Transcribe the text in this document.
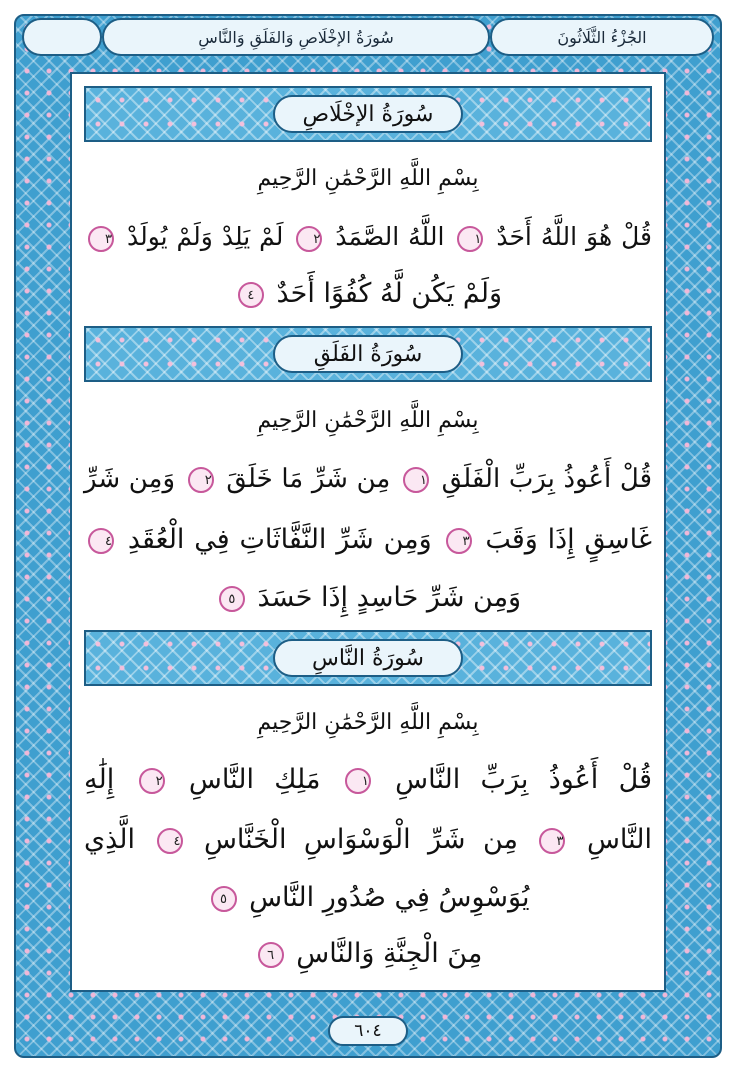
الجُزْءُ الثَّلَاثُونَ
سُورَةُ الإخْلَاصِ وَالفَلَقِ وَالنَّاسِ
سُورَةُ الإخْلَاصِ
بِسْمِ اللَّهِ الرَّحْمَٰنِ الرَّحِيمِ
قُلْ هُوَ اللَّهُ أَحَدٌ ١ اللَّهُ الصَّمَدُ ٢ لَمْ يَلِدْ وَلَمْ يُولَدْ ٣
وَلَمْ يَكُن لَّهُ كُفُوًا أَحَدٌ ٤
سُورَةُ الفَلَقِ
بِسْمِ اللَّهِ الرَّحْمَٰنِ الرَّحِيمِ
قُلْ أَعُوذُ بِرَبِّ الْفَلَقِ ١ مِن شَرِّ مَا خَلَقَ ٢ وَمِن شَرِّ
غَاسِقٍ إِذَا وَقَبَ ٣ وَمِن شَرِّ النَّفَّاثَاتِ فِي الْعُقَدِ ٤
وَمِن شَرِّ حَاسِدٍ إِذَا حَسَدَ ٥
سُورَةُ النَّاسِ
بِسْمِ اللَّهِ الرَّحْمَٰنِ الرَّحِيمِ
قُلْ أَعُوذُ بِرَبِّ النَّاسِ ١ مَلِكِ النَّاسِ ٢ إِلَٰهِ
النَّاسِ ٣ مِن شَرِّ الْوَسْوَاسِ الْخَنَّاسِ ٤ الَّذِي
يُوَسْوِسُ فِي صُدُورِ النَّاسِ ٥
مِنَ الْجِنَّةِ وَالنَّاسِ ٦
٦٠٤
